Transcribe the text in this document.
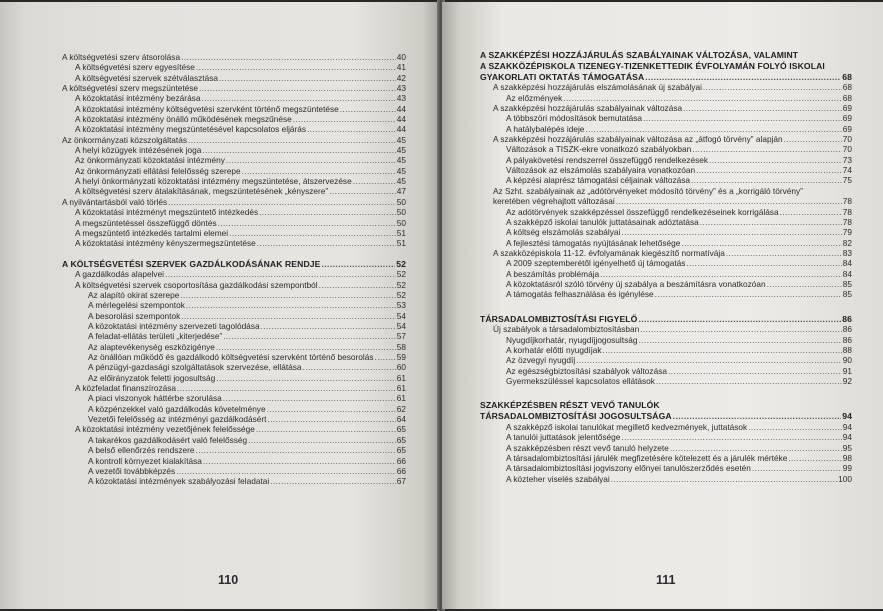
A költségvetési szerv átsorolása .....	40
A költségvetési szerv egyesítése .....	41
A költségvetési szervek szétválasztása .....	42
A költségvetési szerv megszüntetése .....	43
A közoktatási intézmény bezárása .....	43
A közoktatási intézmény költségvetési szervként történő megszüntetése .....	44
A közoktatási intézmény önálló működésének megszűnése .....	44
A közoktatási intézmény megszüntetésével kapcsolatos eljárás .....	44
Az önkormányzati közszolgáltatás .....	45
A helyi közügyek intézésének joga .....	45
Az önkormányzati közoktatási intézmény .....	45
Az önkormányzati ellátási felelősség szerepe .....	45
A helyi önkormányzati közoktatási intézmény megszüntetése, átszervezése .....	45
A költségvetési szerv átalakításának, megszüntetésének „kényszere” .....	47
A nyilvántartásból való törlés .....	50
A közoktatási intézményt megszüntető intézkedés .....	50
A megszüntetéssel összefüggő döntés .....	50
A megszüntető intézkedés tartalmi elemei .....	51
A közoktatási intézmény kényszermegszüntetése .....	51
A KÖLTSÉGVETÉSI SZERVEK GAZDÁLKODÁSÁNAK RENDJE .....	52
A gazdálkodás alapelvei .....	52
A költségvetési szervek csoportosítása gazdálkodási szempontból .....	52
Az alapító okirat szerepe .....	52
A mérlegelési szempontok .....	53
A besorolási szempontok .....	54
A közoktatási intézmény szervezeti tagolódása .....	54
A feladat-ellátás területi „kiterjedése” .....	57
Az alaptevékenység eszközigénye .....	58
Az önállóan működő és gazdálkodó költségvetési szervként történő besorolás .....	59
A pénzügyi-gazdasági szolgáltatások szervezése, ellátása .....	60
Az előirányzatok feletti jogosultság .....	61
A közfeladat finanszírozása .....	61
A piaci viszonyok háttérbe szorulása .....	61
A közpénzekkel való gazdálkodás követelménye .....	62
Vezetői felelősség az intézményi gazdálkodásért .....	64
A közoktatási intézmény vezetőjének felelőssége .....	65
A takarékos gazdálkodásért való felelősség .....	65
A belső ellenőrzés rendszere .....	65
A kontroll környezet kialakítása .....	66
A vezetői továbbképzés .....	66
A közoktatási intézmények szabályozási feladatai .....	67
110
A SZAKKÉPZÉSI HOZZÁJÁRULÁS SZABÁLYAINAK VÁLTOZÁSA, VALAMINT
A SZAKKÖZÉPISKOLA TIZENEGY-TIZENKETTEDIK ÉVFOLYAMÁN FOLYÓ ISKOLAI
GYAKORLATI OKTATÁS TÁMOGATÁSA .....	68
A szakképzési hozzájárulás elszámolásának új szabályai .....	68
Az előzmények .....	68
A szakképzési hozzájárulás szabályainak változása .....	69
A többszöri módosítások bemutatása .....	69
A hatálybalépés ideje .....	69
A szakképzési hozzájárulás szabályainak változása az „átfogó törvény” alapján .....	70
Változások a TISZK-ekre vonatkozó szabályokban .....	70
A pályakövetési rendszerrel összefüggő rendelkezések .....	73
Változások az elszámolás szabályaira vonatkozóan .....	74
A képzési alaprész támogatási céljainak változása .....	75
Az Szht. szabályainak az „adótörvényeket módosító törvény” és a „korrigáló törvény”
keretében végrehajtott változásai .....	78
Az adótörvények szakképzéssel összefüggő rendelkezéseinek korrigálása .....	78
A szakképző iskolai tanulók juttatásainak adóztatása .....	78
A költség elszámolás szabályai .....	79
A fejlesztési támogatás nyújtásának lehetősége .....	82
A szakközépiskola 11-12. évfolyamának kiegészítő normatívája .....	83
A 2009 szeptemberétől igényelhető új támogatás .....	84
A beszámítás problémája .....	84
A közoktatásról szóló törvény új szabálya a beszámításra vonatkozóan .....	85
A támogatás felhasználása és igénylése .....	85
TÁRSADALOMBIZTOSÍTÁSI FIGYELŐ .....	86
Új szabályok a társadalombiztosításban .....	86
Nyugdíjkorhatár, nyugdíjjogosultság .....	86
A korhatár előtti nyugdíjak .....	88
Az özvegyi nyugdíj .....	90
Az egészségbiztosítási szabályok változása .....	91
Gyermekszüléssel kapcsolatos ellátások .....	92
SZAKKÉPZÉSBEN RÉSZT VEVŐ TANULÓK
TÁRSADALOMBIZTOSÍTÁSI JOGOSULTSÁGA .....	94
A szakképző iskolai tanulókat megillető kedvezmények, juttatások .....	94
A tanulói juttatások jelentősége .....	94
A szakképzésben részt vevő tanuló helyzete .....	95
A társadalombiztosítási járulék megfizetésére kötelezett és a járulék mértéke .....	98
A társadalombiztosítási jogviszony előnyei tanulószerződés esetén .....	99
A közteher viselés szabályai .....	100
111
